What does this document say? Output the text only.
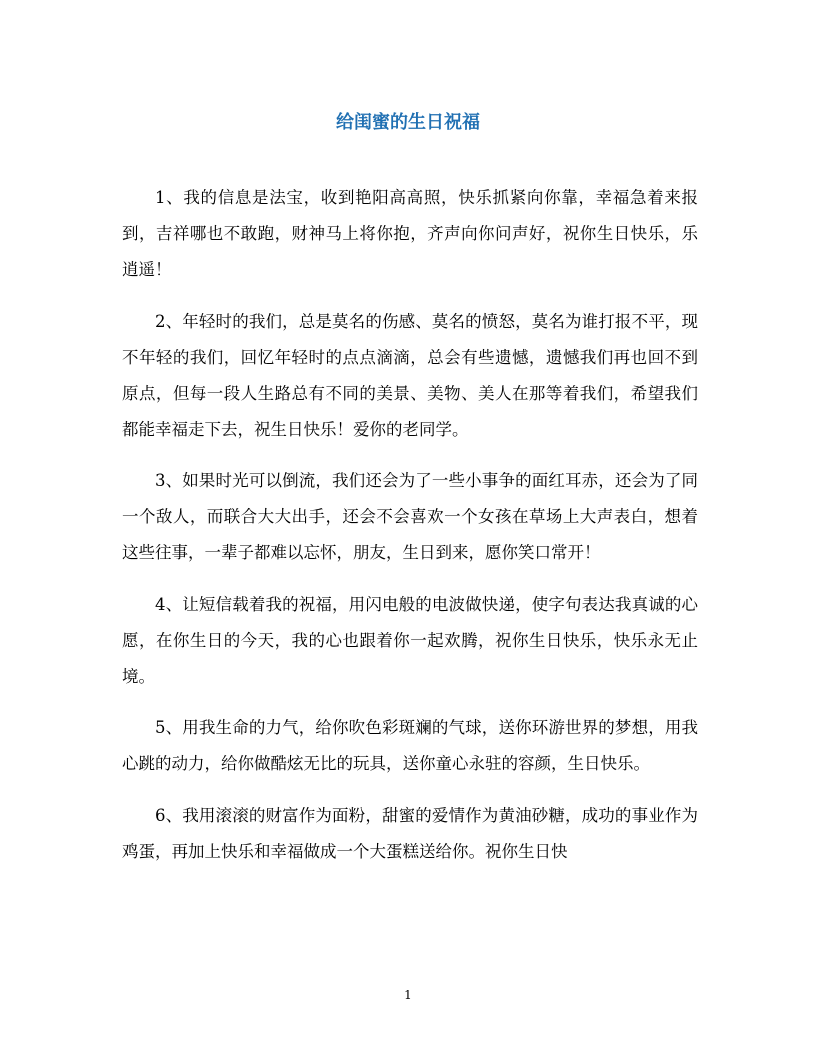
给闺蜜的生日祝福

1、我的信息是法宝，收到艳阳高高照，快乐抓紧向你靠，幸福急着来报到，吉祥哪也不敢跑，财神马上将你抱，齐声向你问声好，祝你生日快乐，乐逍遥！

2、年轻时的我们，总是莫名的伤感、莫名的愤怒，莫名为谁打报不平，现不年轻的我们，回忆年轻时的点点滴滴，总会有些遗憾，遗憾我们再也回不到原点，但每一段人生路总有不同的美景、美物、美人在那等着我们，希望我们都能幸福走下去，祝生日快乐！爱你的老同学。

3、如果时光可以倒流，我们还会为了一些小事争的面红耳赤，还会为了同一个敌人，而联合大大出手，还会不会喜欢一个女孩在草场上大声表白，想着这些往事，一辈子都难以忘怀，朋友，生日到来，愿你笑口常开！

4、让短信载着我的祝福，用闪电般的电波做快递，使字句表达我真诚的心愿，在你生日的今天，我的心也跟着你一起欢腾，祝你生日快乐，快乐永无止境。

5、用我生命的力气，给你吹色彩斑斓的气球，送你环游世界的梦想，用我心跳的动力，给你做酷炫无比的玩具，送你童心永驻的容颜，生日快乐。

6、我用滚滚的财富作为面粉，甜蜜的爱情作为黄油砂糖，成功的事业作为鸡蛋，再加上快乐和幸福做成一个大蛋糕送给你。祝你生日快

1
